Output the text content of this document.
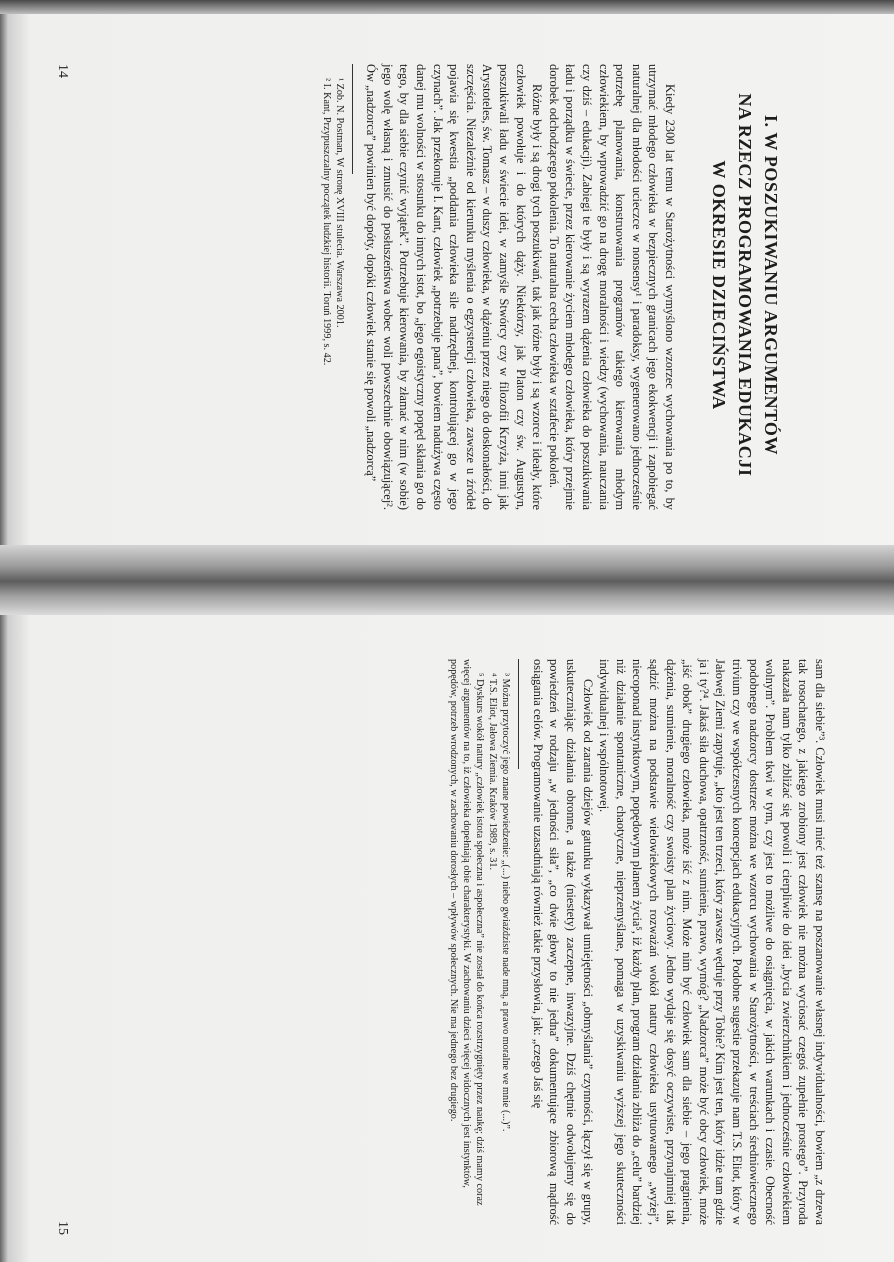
I. W POSZUKIWANIU ARGUMENTÓW
NA RZECZ PROGRAMOWANIA EDUKACJI
W OKRESIE DZIECIŃSTWA

Kiedy 2300 lat temu w Starożytności wymyślono wzorzec wychowania po to, by utrzymać młodego człowieka w bezpiecznych granicach jego ekokwencji i zapobiegać naturalnej dla młodości ucieczce w nonsensy¹ i paradoksy, wygenerowano jednocześnie potrzebę planowania, konstruowania programów takiego kierowania młodym człowiekiem, by wprowadzić go na drogę moralności i wiedzy (wychowania, nauczania czy dziś – edukacji). Zabiegi te były i są wyrazem dążenia człowieka do poszukiwania ładu i porządku w świecie, przez kierowanie życiem młodego człowieka, który przejmie dorobek odchodzącego pokolenia. To naturalna cecha człowieka w sztafecie pokoleń.

Różne były i są drogi tych poszukiwań, tak jak różne były i są wzorce i ideały, które człowiek powołuje i do których dąży. Niektórzy, jak Platon czy św. Augustyn, poszukiwali ładu w świecie idei, w zamyśle Stwórcy czy w filozofii Krzyża, inni jak Arystoteles, św. Tomasz – w duszy człowieka, w dążeniu przez niego do doskonałości, do szczęścia. Niezależnie od kierunku myślenia o egzystencji człowieka, zawsze u źródeł pojawia się kwestia „poddania człowieka sile nadrzędnej, kontrolującej go w jego czynach”. Jak przekonuje I. Kant, człowiek „potrzebuje pana”, bowiem nadużywa często danej mu wolności w stosunku do innych istot, bo „jego egoistyczny popęd skłania go do tego, by dla siebie czynić wyjątek”. Potrzebuje kierowania, by złamać w nim (w sobie) jego wolę własną i zmusić do posłuszeństwa wobec woli powszechnie obowiązującej². Ów „nadzorca” powinien być dopóty, dopóki człowiek stanie się powoli „nadzorcą”

¹ Zob. N. Postman, W stronę XVIII stulecia. Warszawa 2001.

² I. Kant, Przypuszczalny początek ludzkiej historii. Toruń 1999, s. 42.

14

sam dla siebie”³. Człowiek musi mieć też szansę na poszanowanie własnej indywidualności, bowiem „z drzewa tak rosochatego, z jakiego zrobiony jest człowiek nie można wyciosać czegoś zupełnie prostego”. Przyroda nakazała nam tylko zbliżać się powoli i cierpliwie do idei „bycia zwierzchnikiem i jednocześnie człowiekiem wolnym”. Problem tkwi w tym, czy jest to możliwe do osiągnięcia, w jakich warunkach i czasie. Obecność podobnego nadzorcy dostrzec można we wzorcu wychowania w Starożytności, w treściach średniowiecznego trivium czy we współczesnych koncepcjach edukacyjnych. Podobne sugestie przekazuje nam T.S. Eliot, który w Jałowej Ziemi zapytuje, „kto jest ten trzeci, który zawsze wędruje przy Tobie? Kim jest ten, który idzie tam gdzie ja i ty?⁴. Jakaś siła duchowa, opatrzność, sumienie, prawo, wymóg? „Nadzorca” może być obcy człowiek, może „iść obok” drugiego człowieka, może iść z nim. Może nim być człowiek sam dla siebie – jego pragnienia, dążenia, sumienie, moralność czy swoisty plan życiowy. Jedno wydaje się dosyć oczywiste, przynajmniej tak sądzić można na podstawie wielowiekowych rozważań wokół natury człowieka usytuowanego „wyżej”, niecoponad instynktowym, popędowym planem życia⁵, iż każdy plan, program działania zbliża do „celu” bardziej niż działanie spontaniczne, chaotyczne, nieprzemyślane, pomaga w uzyskiwaniu wyższej jego skuteczności indywidualnej i wspólnotowej.

Człowiek od zarania dziejów gatunku wykazywał umiejętności „obmyślania” czynności, łączył się w grupy, uskuteczniając działania obronne, a także (niestety) zaczepne, inwazyjne. Dziś chętnie odwołujemy się do powiedzeń w rodzaju „w jedności siła”, „co dwie głowy to nie jedna” dokumentujące zbiorową mądrość osiągania celów. Programowanie uzasadniają również takie przysłowia, jak: „czego Jaś się

³ Można przytoczyć jego znane powiedzenie: „(...) niebo gwiaździste nade mną, a prawo moralne we mnie (...)”.

⁴ T.S. Eliot, Jałowa Ziemia. Kraków 1989, s. 31.

⁵ Dyskurs wokół natury „człowiek istota społeczna i aspołeczna” nie został do końca rozstrzygnięty przez naukę; dziś mamy coraz więcej argumentów na to, iż człowieka dopełniają obie charakterystyki. W zachowaniu dzieci więcej widocznych jest instynktów, popędów, potrzeb wrodzonych, w zachowaniu dorosłych – wpływów społecznych. Nie ma jednego bez drugiego.

15
